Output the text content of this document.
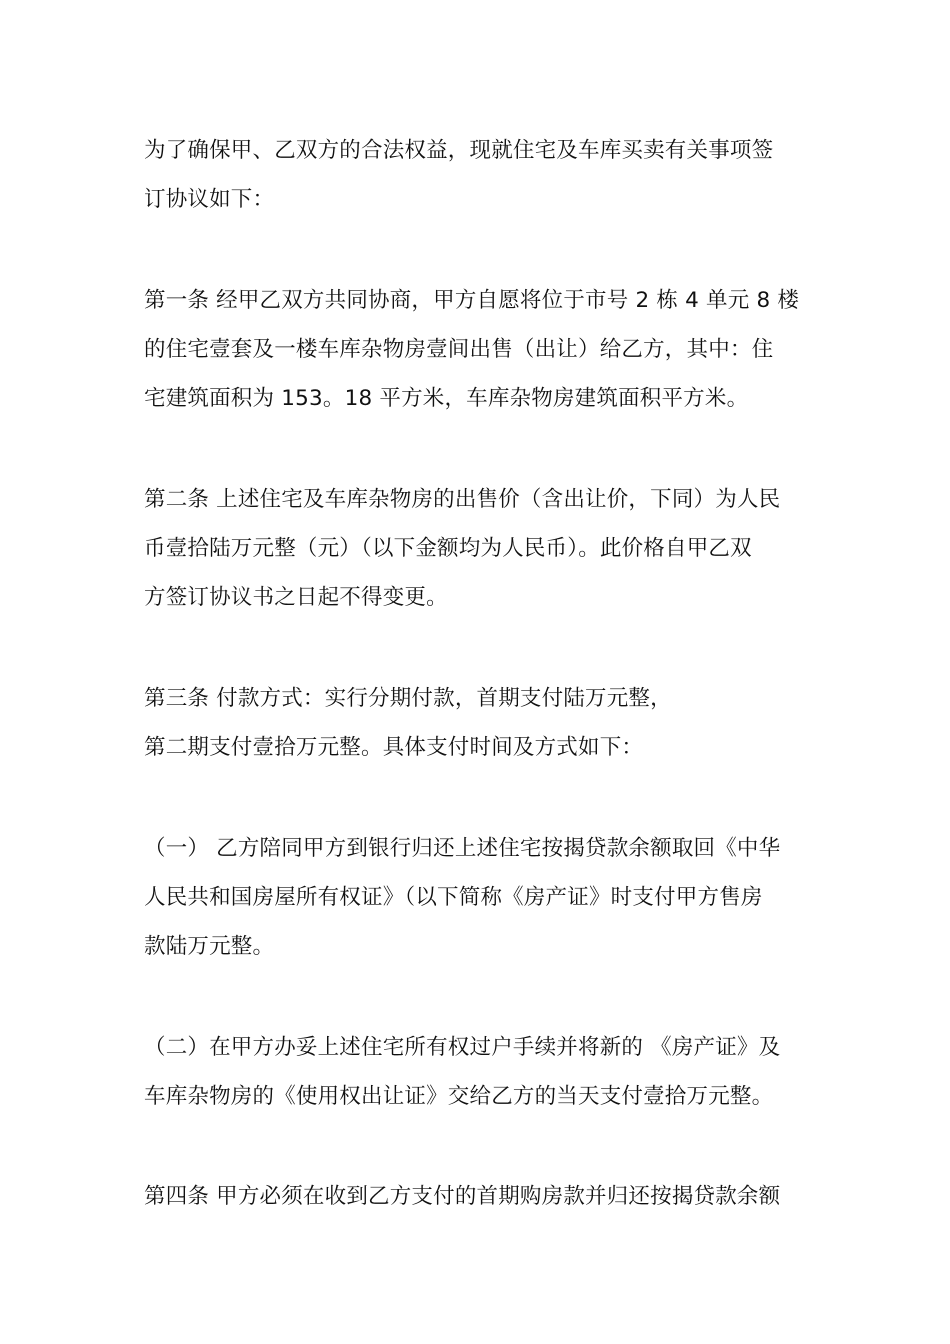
为了确保甲、乙双方的合法权益，现就住宅及车库买卖有关事项签
订协议如下：

第一条 经甲乙双方共同协商，甲方自愿将位于市号 2 栋 4 单元 8 楼
的住宅壹套及一楼车库杂物房壹间出售（出让）给乙方，其中：住
宅建筑面积为 153。18 平方米，车库杂物房建筑面积平方米。

第二条 上述住宅及车库杂物房的出售价（含出让价，下同）为人民
币壹拾陆万元整（元）（以下金额均为人民币）。此价格自甲乙双
方签订协议书之日起不得变更。

第三条 付款方式：实行分期付款，首期支付陆万元整，
第二期支付壹拾万元整。具体支付时间及方式如下：

（一） 乙方陪同甲方到银行归还上述住宅按揭贷款余额取回《中华
人民共和国房屋所有权证》（以下简称《房产证》时支付甲方售房
款陆万元整。

（二）在甲方办妥上述住宅所有权过户手续并将新的 《房产证》及
车库杂物房的《使用权出让证》交给乙方的当天支付壹拾万元整。

第四条 甲方必须在收到乙方支付的首期购房款并归还按揭贷款余额
